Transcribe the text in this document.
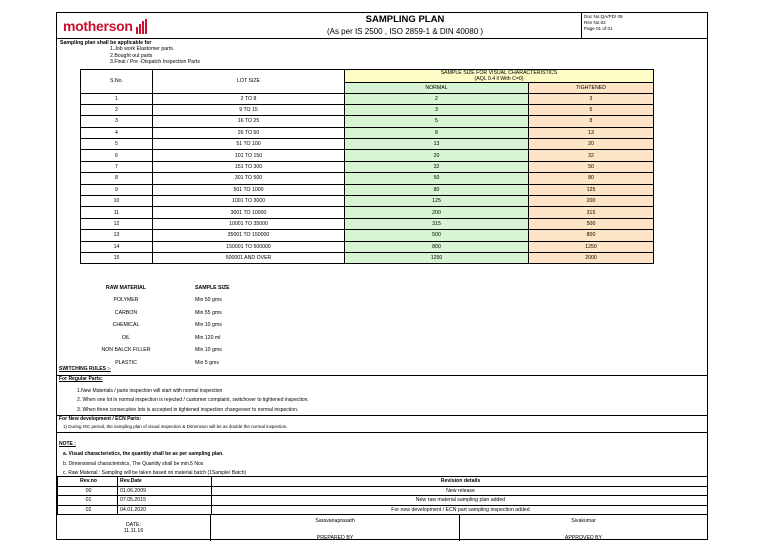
motherson	SAMPLING PLAN
(As per IS 2500 , ISO 2859-1 & DIN 40080 )
Doc No:QA/PD/ 09
Rev No:02
Page 01 of 01
Sampling plan shall be applicable for
1.Job work Elastomer parts.
2.Bought out parts
3.Final / Pre -Dispatch Inspection Parts
S.No.	LOT SIZE	SAMPLE SIZE FOR VISUAL CHARACTERISTICS
(AQL 0.4 ll With C=0)	

		NORMAL	TIGHTENED
1	2 TO 8	2	3
2	9 TO 15	3	5
3	16 TO 25	5	8
4	26 TO 50	8	13
5	51 TO 100	13	20
6	101 TO 150	20	32
7	151 TO 300	32	50
8	301 TO 500	50	80
9	501 TO 1000	80	125
10	1001 TO 3000	125	200
11	3001 TO 10000	200	315
12	10001 TO 35000	315	500
13	35001 TO 150000	500	800
14	150001 TO 500000	800	1250
15	500001 AND OVER	1250	2000
RAW MATERIAL	SAMPLE SIZE
POLYMER	Min 50 gms
CARBON	Min 55 gms
CHEMICAL	Min 10 gms
OIL	Min 120 ml
NON BALCK FILLER	Min 10 gms
PLASTIC	Min 5 gms
SWITCHING RULES :-
For Regular Parts:
1.New Materials / parts inspection will start with normal inspection
2. When one lot in normal inspection is rejected / customer complaint, switchover to tightened inspection.
3. When three consecutive lots is accepted in tightened inspection changeover to normal inspection.
For New development / ECN Parts:
1) During ISC period, the sampling plan of visual inspection & Dimension will be as double the normal inspection.
NOTE :
a. Visual characteristics, the quantity shall be as per sampling plan.
b. Dimensional characteristics, The Quantity shall be min.5 Nos
c. Raw Material : Sampling will be taken based on material batch (1Sample/ Batch)
Rev.no	Rev.Date	Revision details
00	01.06.2009	New release
01	07.05.2015	New raw material sampling plan added
02	04.01.2020	For new development / ECN part sampling inspection added
DATE:
11.11.16
Saravanaprasath
PREPARED BY
Sivakumar
APPROVED BY
